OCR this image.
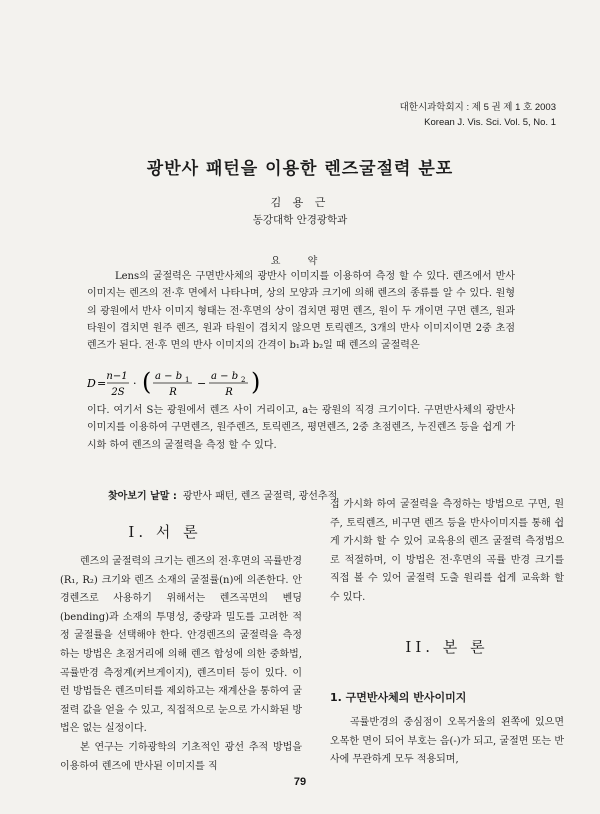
대한시과학회지 : 제 5 권 제 1 호 2003
Korean J. Vis. Sci. Vol. 5, No. 1
광반사 패턴을 이용한 렌즈굴절력 분포
김 용 근
동강대학 안경광학과
요 약

Lens의 굴절력은 구면반사체의 광반사 이미지를 이용하여 측정 할 수 있다. 렌즈에서 반사 이미지는 렌즈의 전·후 면에서 나타나며, 상의 모양과 크기에 의해 렌즈의 종류를 알 수 있다. 원형의 광원에서 반사 이미지 형태는 전·후면의 상이 겹치면 평면 렌즈, 원이 두 개이면 구면 렌즈, 원과 타원이 겹치면 원주 렌즈, 원과 타원이 겹치지 않으면 토릭렌즈, 3개의 반사 이미지이면 2중 초점 렌즈가 된다. 전·후 면의 반사 이미지의 간격이 b₁과 b₂일 때 렌즈의 굴절력은

D =
n−1
2S
· ( a − b 1
R
−
a − b 2
R )

이다. 여기서 S는 광원에서 렌즈 사이 거리이고, a는 광원의 직경 크기이다. 구면반사체의 광반사 이미지를 이용하여 구면렌즈, 원주렌즈, 토릭렌즈, 평면렌즈, 2중 초점렌즈, 누진렌즈 등을 쉽게 가시화 하여 렌즈의 굴절력을 측정 할 수 있다.

찾아보기 낱말 : 광반사 패턴, 렌즈 굴절력, 광선추적
I. 서 론

렌즈의 굴절력의 크기는 렌즈의 전·후면의 곡률반경(R₁, R₂) 크기와 렌즈 소재의 굴절률(n)에 의존한다. 안경렌즈로 사용하기 위해서는 렌즈곡면의 벤딩(bending)과 소재의 투명성, 중량과 밀도를 고려한 적정 굴절률을 선택해야 한다. 안경렌즈의 굴절력을 측정하는 방법은 초점거리에 의해 렌즈 합성에 의한 중화법, 곡률반경 측정계(커브게이지), 렌즈미터 등이 있다. 이런 방법들은 렌즈미터를 제외하고는 재계산을 통하여 굴절력 값을 얻을 수 있고, 직접적으로 눈으로 가시화된 방법은 없는 실정이다.

본 연구는 기하광학의 기초적인 광선 추적 방법을 이용하여 렌즈에 반사된 이미지를 직

접 가시화 하여 굴절력을 측정하는 방법으로 구면, 원주, 토릭렌즈, 비구면 렌즈 등을 반사이미지를 통해 쉽게 가시화 할 수 있어 교육용의 렌즈 굴절력 측정법으로 적절하며, 이 방법은 전·후면의 곡률 반경 크기를 직접 볼 수 있어 굴절력 도출 원리를 쉽게 교육화 할 수 있다.

II. 본 론
1. 구면반사체의 반사이미지

곡률반경의 중심점이 오목거울의 왼쪽에 있으면 오목한 면이 되어 부호는 음(-)가 되고, 굴절면 또는 반사에 무관하게 모두 적용되며,

79
